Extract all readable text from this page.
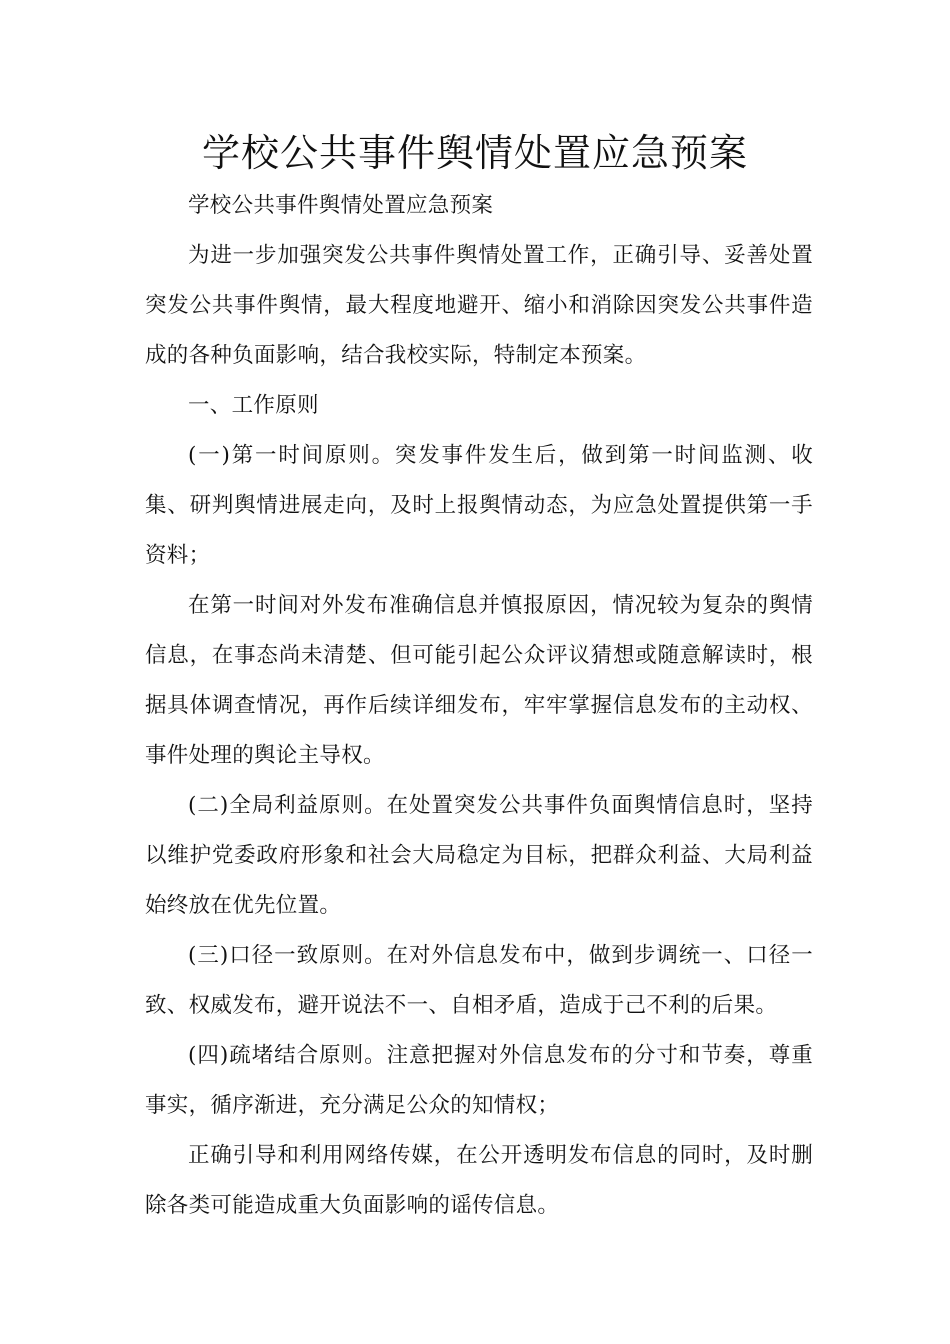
学校公共事件舆情处置应急预案

学校公共事件舆情处置应急预案

为进一步加强突发公共事件舆情处置工作，正确引导、妥善处置突发公共事件舆情，最大程度地避开、缩小和消除因突发公共事件造成的各种负面影响，结合我校实际，特制定本预案。

一、工作原则

(一)第一时间原则。突发事件发生后，做到第一时间监测、收集、研判舆情进展走向，及时上报舆情动态，为应急处置提供第一手资料；

在第一时间对外发布准确信息并慎报原因，情况较为复杂的舆情信息，在事态尚未清楚、但可能引起公众评议猜想或随意解读时，根据具体调查情况，再作后续详细发布，牢牢掌握信息发布的主动权、事件处理的舆论主导权。

(二)全局利益原则。在处置突发公共事件负面舆情信息时，坚持以维护党委政府形象和社会大局稳定为目标，把群众利益、大局利益始终放在优先位置。

(三)口径一致原则。在对外信息发布中，做到步调统一、口径一致、权威发布，避开说法不一、自相矛盾，造成于己不利的后果。

(四)疏堵结合原则。注意把握对外信息发布的分寸和节奏，尊重事实，循序渐进，充分满足公众的知情权；

正确引导和利用网络传媒，在公开透明发布信息的同时，及时删除各类可能造成重大负面影响的谣传信息。
